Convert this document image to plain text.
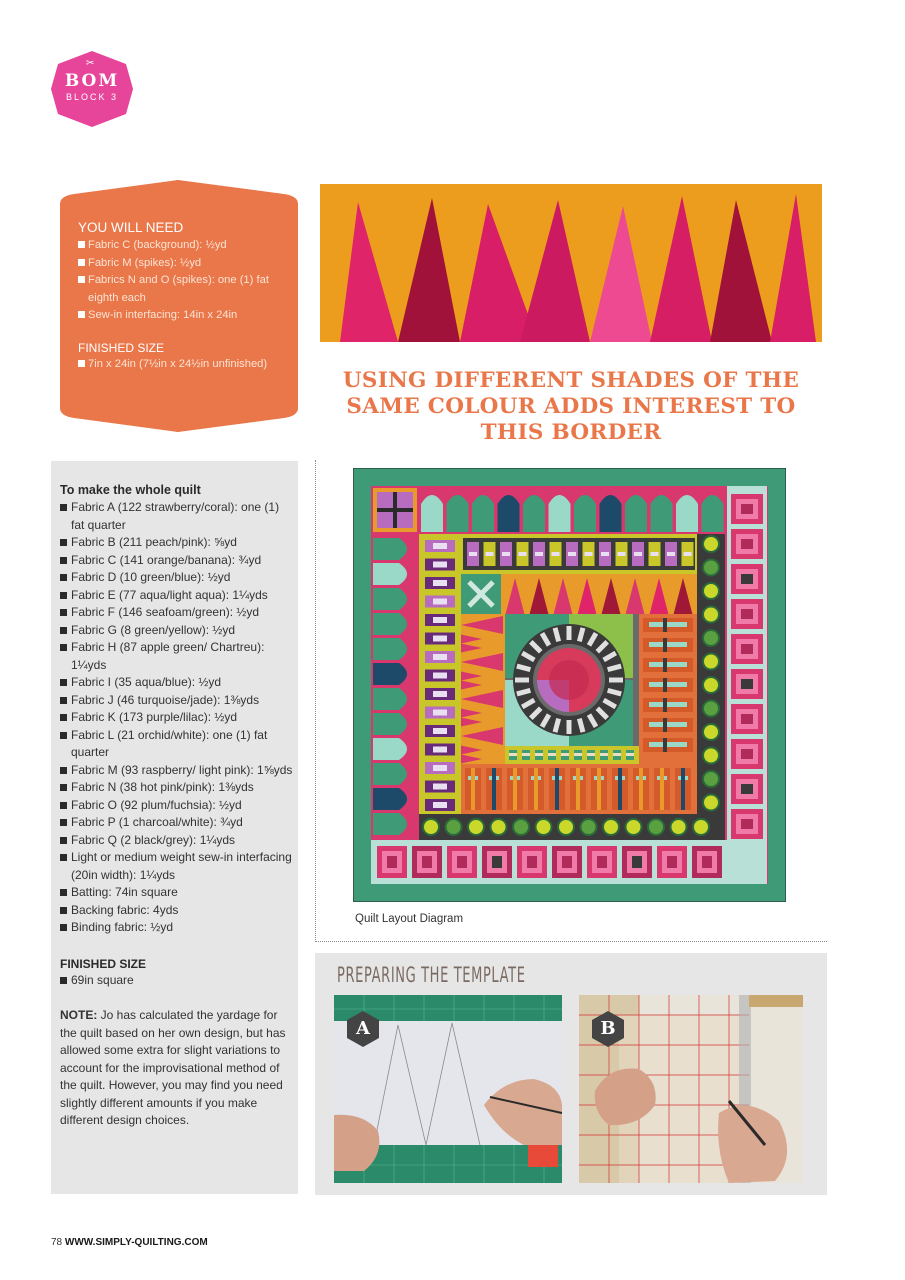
✂
BOM
BLOCK 3
YOU WILL NEED
Fabric C (background): ½yd
Fabric M (spikes): ½yd
Fabrics N and O (spikes): one (1) fat eighth each
Sew-in interfacing: 14in x 24in
FINISHED SIZE
7in x 24in (7½in x 24½in unfinished)
USING DIFFERENT SHADES OF THE SAME COLOUR ADDS INTEREST TO THIS BORDER
To make the whole quilt
Fabric A (122 strawberry/coral): one (1) fat quarter
Fabric B (211 peach/pink): ⅝yd
Fabric C (141 orange/banana): ¾yd
Fabric D (10 green/blue): ½yd
Fabric E (77 aqua/light aqua): 1¼yds
Fabric F (146 seafoam/green): ½yd
Fabric G (8 green/yellow): ½yd
Fabric H (87 apple green/ Chartreu): 1¼yds
Fabric I (35 aqua/blue): ½yd
Fabric J (46 turquoise/jade): 1⅜yds
Fabric K (173 purple/lilac): ½yd
Fabric L (21 orchid/white): one (1) fat quarter
Fabric M (93 raspberry/ light pink): 1⅝yds
Fabric N (38 hot pink/pink): 1⅜yds
Fabric O (92 plum/fuchsia): ½yd
Fabric P (1 charcoal/white): ¾yd
Fabric Q (2 black/grey): 1¼yds
Light or medium weight sew-in interfacing (20in width): 1¼yds
Batting: 74in square
Backing fabric: 4yds
Binding fabric: ½yd
FINISHED SIZE
69in square
NOTE: Jo has calculated the yardage for the quilt based on her own design, but has allowed some extra for slight variations to account for the improvisational method of the quilt. However, you may find you need slightly different amounts if you make different design choices.
Quilt Layout Diagram
PREPARING THE TEMPLATE
A	B
78 WWW.SIMPLY-QUILTING.COM
